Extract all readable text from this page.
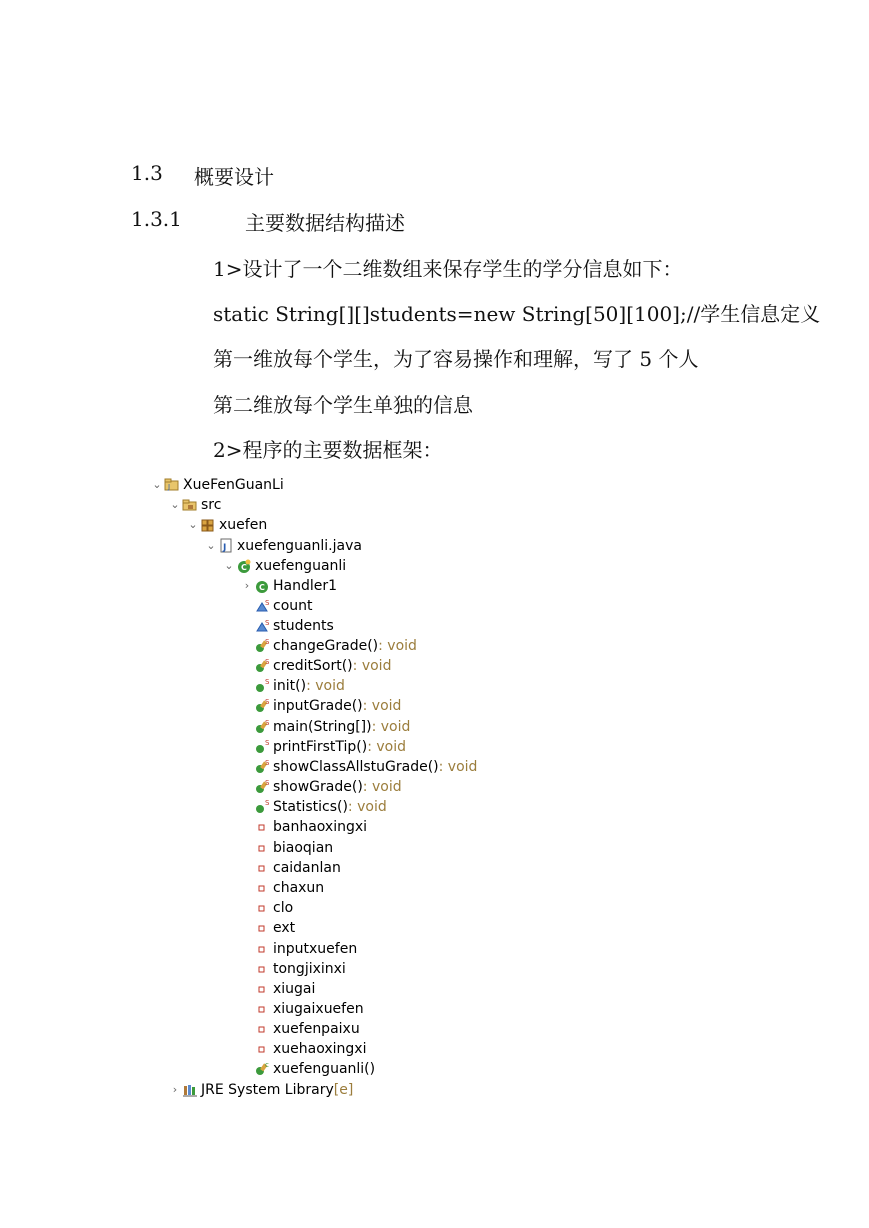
1.3 概要设计
1.3.1	主要数据结构描述
1>设计了一个二维数组来保存学生的学分信息如下：
static String[][]students=new String[50][100];//学生信息定义
第一维放每个学生，为了容易操作和理解，写了 5 个人
第二维放每个学生单独的信息
2>程序的主要数据框架：
⌄ J XueFenGuanLi
⌄ src
⌄ xuefen
⌄ J xuefenguanli.java
⌄ C xuefenguanli
›	C Handler1
S count
S students
S changeGrade() : void
S creditSort() : void
S init() : void
S inputGrade() : void
S main(String[]) : void
S printFirstTip() : void
S showClassAllstuGrade() : void
S showGrade() : void
S Statistics() : void
banhaoxingxi
biaoqian
caidanlan
chaxun
clo
ext
inputxuefen
tongjixinxi
xiugai
xiugaixuefen
xuefenpaixu
xuehaoxingxi
c xuefenguanli()
›	JRE System Library [e]
